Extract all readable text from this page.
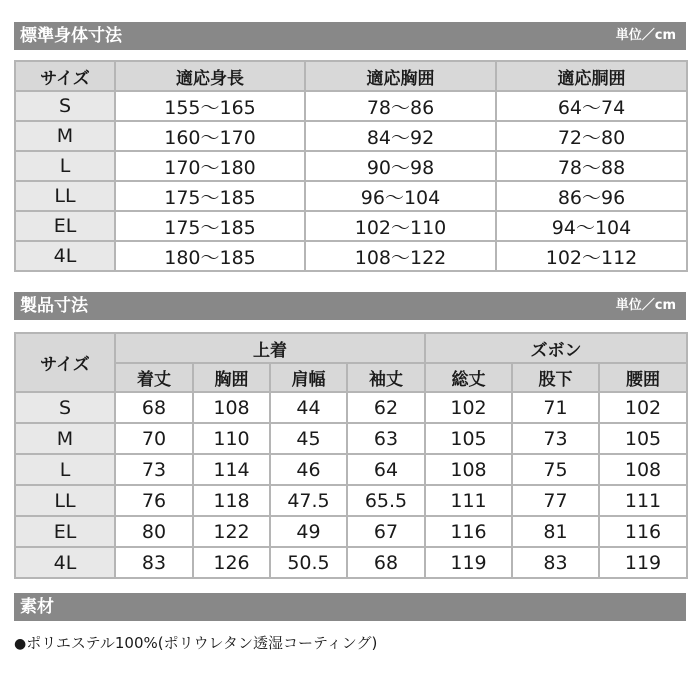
標準身体寸法	単位／cm
サイズ	適応身長	適応胸囲	適応胴囲
S	155〜165	78〜86	64〜74
M	160〜170	84〜92	72〜80
L	170〜180	90〜98	78〜88
LL	175〜185	96〜104	86〜96
EL	175〜185	102〜110	94〜104
4L	180〜185	108〜122	102〜112
製品寸法	単位／cm
サイズ	上着				ズボン		
	着丈	胸囲	肩幅	袖丈	総丈	股下	腰囲
S	68	108	44	62	102	71	102
M	70	110	45	63	105	73	105
L	73	114	46	64	108	75	108
LL	76	118	47.5	65.5	111	77	111
EL	80	122	49	67	116	81	116
4L	83	126	50.5	68	119	83	119
素材
●ポリエステル100%(ポリウレタン透湿コーティング)
